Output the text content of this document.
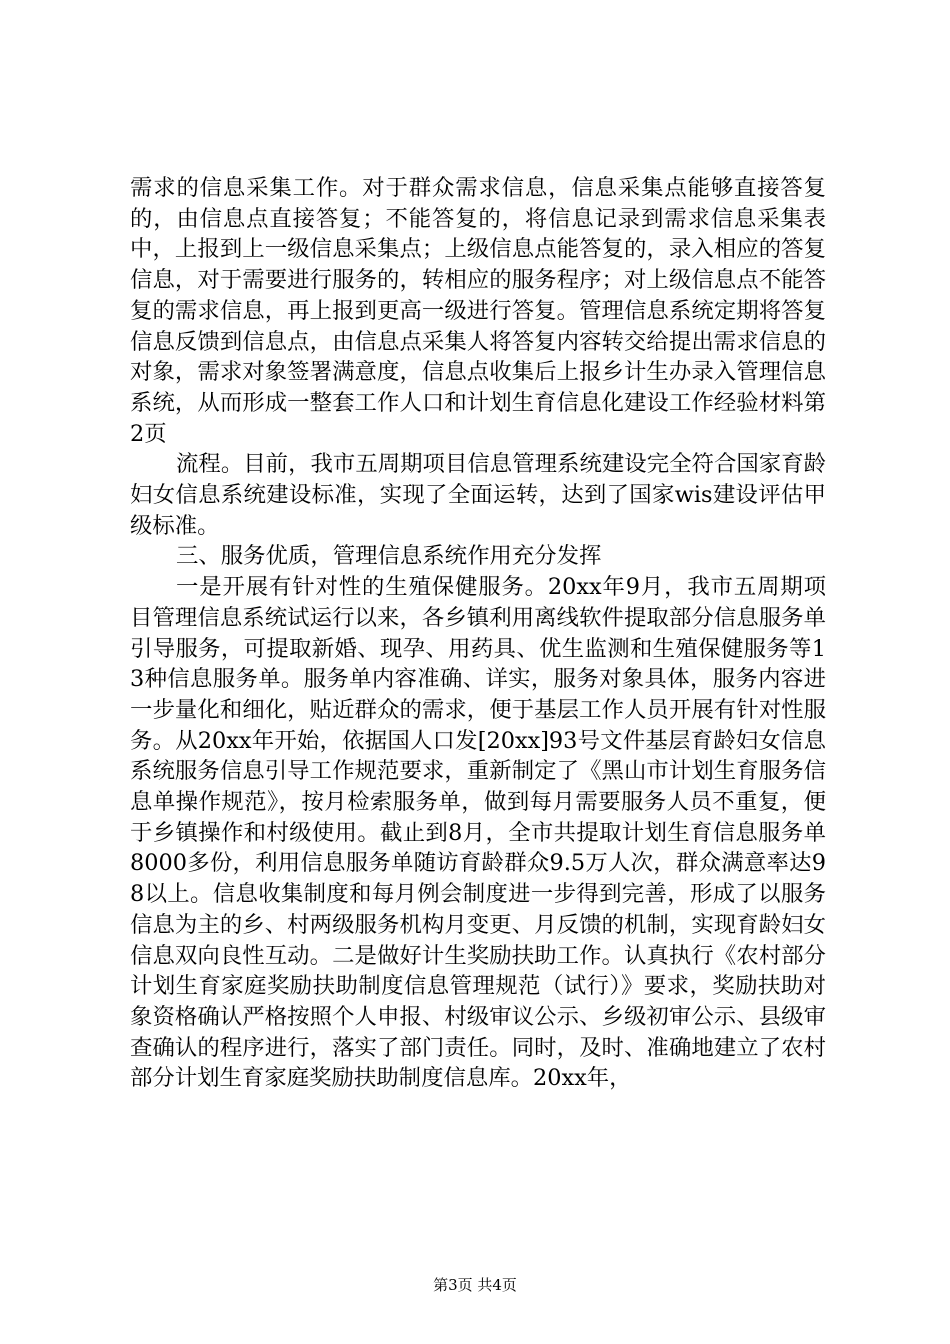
需求的信息采集工作。对于群众需求信息，信息采集点能够直接答复的，由信息点直接答复；不能答复的，将信息记录到需求信息采集表中，上报到上一级信息采集点；上级信息点能答复的，录入相应的答复信息，对于需要进行服务的，转相应的服务程序；对上级信息点不能答复的需求信息，再上报到更高一级进行答复。管理信息系统定期将答复信息反馈到信息点，由信息点采集人将答复内容转交给提出需求信息的对象，需求对象签署满意度，信息点收集后上报乡计生办录入管理信息系统，从而形成一整套工作人口和计划生育信息化建设工作经验材料第2页

流程。目前，我市五周期项目信息管理系统建设完全符合国家育龄妇女信息系统建设标准，实现了全面运转，达到了国家wis建设评估甲级标准。

三、服务优质，管理信息系统作用充分发挥

一是开展有针对性的生殖保健服务。20xx年9月，我市五周期项目管理信息系统试运行以来，各乡镇利用离线软件提取部分信息服务单引导服务，可提取新婚、现孕、用药具、优生监测和生殖保健服务等13种信息服务单。服务单内容准确、详实，服务对象具体，服务内容进一步量化和细化，贴近群众的需求，便于基层工作人员开展有针对性服务。从20xx年开始，依据国人口发[20xx]93号文件基层育龄妇女信息系统服务信息引导工作规范要求，重新制定了《黑山市计划生育服务信息单操作规范》，按月检索服务单，做到每月需要服务人员不重复，便于乡镇操作和村级使用。截止到8月，全市共提取计划生育信息服务单8000多份，利用信息服务单随访育龄群众9.5万人次，群众满意率达98以上。信息收集制度和每月例会制度进一步得到完善，形成了以服务信息为主的乡、村两级服务机构月变更、月反馈的机制，实现育龄妇女信息双向良性互动。二是做好计生奖励扶助工作。认真执行《农村部分计划生育家庭奖励扶助制度信息管理规范（试行）》要求，奖励扶助对象资格确认严格按照个人申报、村级审议公示、乡级初审公示、县级审查确认的程序进行，落实了部门责任。同时，及时、准确地建立了农村部分计划生育家庭奖励扶助制度信息库。20xx年，

第3页 共4页
